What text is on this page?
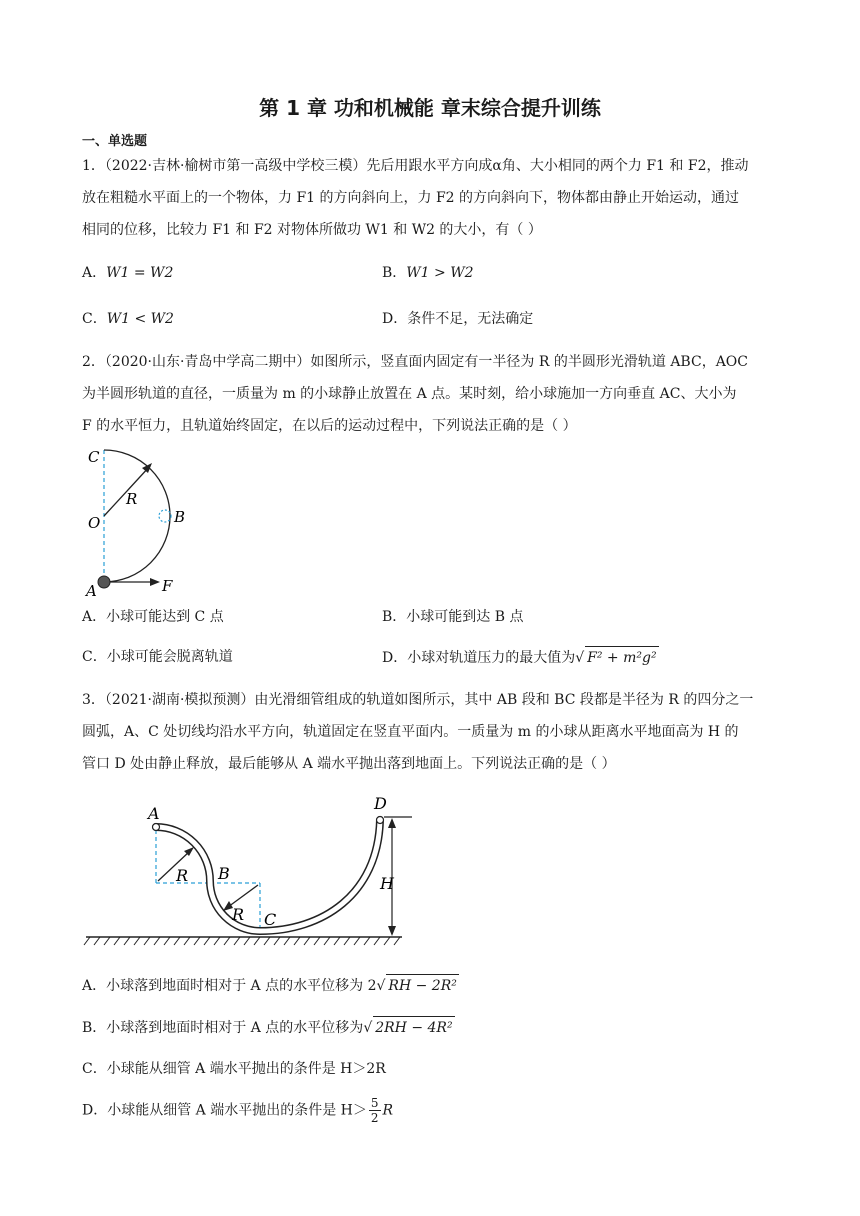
第 1 章 功和机械能 章末综合提升训练
一、单选题
1．（2022·吉林·榆树市第一高级中学校三模）先后用跟水平方向成α角、大小相同的两个力 F1 和 F2，推动
放在粗糙水平面上的一个物体，力 F1 的方向斜向上，力 F2 的方向斜向下，物体都由静止开始运动，通过
相同的位移，比较力 F1 和 F2 对物体所做功 W1 和 W2 的大小，有（ ）
A．W1 = W2	B．W1 > W2
C．W1 < W2	D．条件不足，无法确定
2．（2020·山东·青岛中学高二期中）如图所示，竖直面内固定有一半径为 R 的半圆形光滑轨道 ABC，AOC
为半圆形轨道的直径，一质量为 m 的小球静止放置在 A 点。某时刻，给小球施加一方向垂直 AC、大小为
F 的水平恒力，且轨道始终固定，在以后的运动过程中，下列说法正确的是（ ）
C
R
O	B
A	F
A．小球可能达到 C 点	B．小球可能到达 B 点
C．小球可能会脱离轨道	D．小球对轨道压力的最大值为√ F² + m²g²
3．（2021·湖南·模拟预测）由光滑细管组成的轨道如图所示，其中 AB 段和 BC 段都是半径为 R 的四分之一
圆弧，A、C 处切线均沿水平方向，轨道固定在竖直平面内。一质量为 m 的小球从距离水平地面高为 H 的
管口 D 处由静止释放，最后能够从 A 端水平抛出落到地面上。下列说法正确的是（ ）
A
D
R B
R C
H
A．小球落到地面时相对于 A 点的水平位移为 2√ RH − 2R²
B．小球落到地面时相对于 A 点的水平位移为√ 2RH − 4R²
C．小球能从细管 A 端水平抛出的条件是 H＞2R
D．小球能从细管 A 端水平抛出的条件是 $H> \frac{5}{2}$ R
